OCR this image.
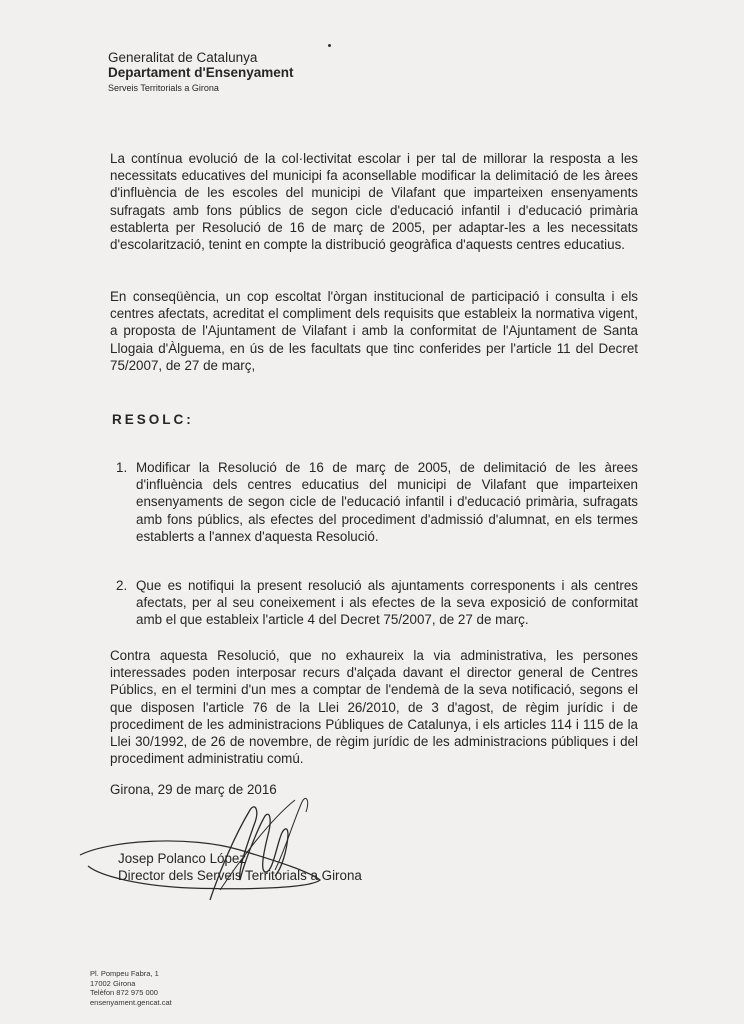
Generalitat de Catalunya
Departament d'Ensenyament
Serveis Territorials a Girona
La contínua evolució de la col·lectivitat escolar i per tal de millorar la resposta a les necessitats educatives del municipi fa aconsellable modificar la delimitació de les àrees d'influència de les escoles del municipi de Vilafant que imparteixen ensenyaments sufragats amb fons públics de segon cicle d'educació infantil i d'educació primària establerta per Resolució de 16 de març de 2005, per adaptar-les a les necessitats d'escolarització, tenint en compte la distribució geogràfica d'aquests centres educatius.
En conseqüència, un cop escoltat l'òrgan institucional de participació i consulta i els centres afectats, acreditat el compliment dels requisits que estableix la normativa vigent, a proposta de l'Ajuntament de Vilafant i amb la conformitat de l'Ajuntament de Santa Llogaia d'Àlguema, en ús de les facultats que tinc conferides per l'article 11 del Decret 75/2007, de 27 de març,
RESOLC:
1. Modificar la Resolució de 16 de març de 2005, de delimitació de les àrees d'influència dels centres educatius del municipi de Vilafant que imparteixen ensenyaments de segon cicle de l'educació infantil i d'educació primària, sufragats amb fons públics, als efectes del procediment d'admissió d'alumnat, en els termes establerts a l'annex d'aquesta Resolució.
2. Que es notifiqui la present resolució als ajuntaments corresponents i als centres afectats, per al seu coneixement i als efectes de la seva exposició de conformitat amb el que estableix l'article 4 del Decret 75/2007, de 27 de març.
Contra aquesta Resolució, que no exhaureix la via administrativa, les persones interessades poden interposar recurs d'alçada davant el director general de Centres Públics, en el termini d'un mes a comptar de l'endemà de la seva notificació, segons el que disposen l'article 76 de la Llei 26/2010, de 3 d'agost, de règim jurídic i de procediment de les administracions Públiques de Catalunya, i els articles 114 i 115 de la Llei 30/1992, de 26 de novembre, de règim jurídic de les administracions públiques i del procediment administratiu comú.
Girona, 29 de març de 2016
Josep Polanco López
Director dels Serveis Territorials a Girona
Pl. Pompeu Fabra, 1
17002 Girona
Telèfon 872 975 000
ensenyament.gencat.cat
